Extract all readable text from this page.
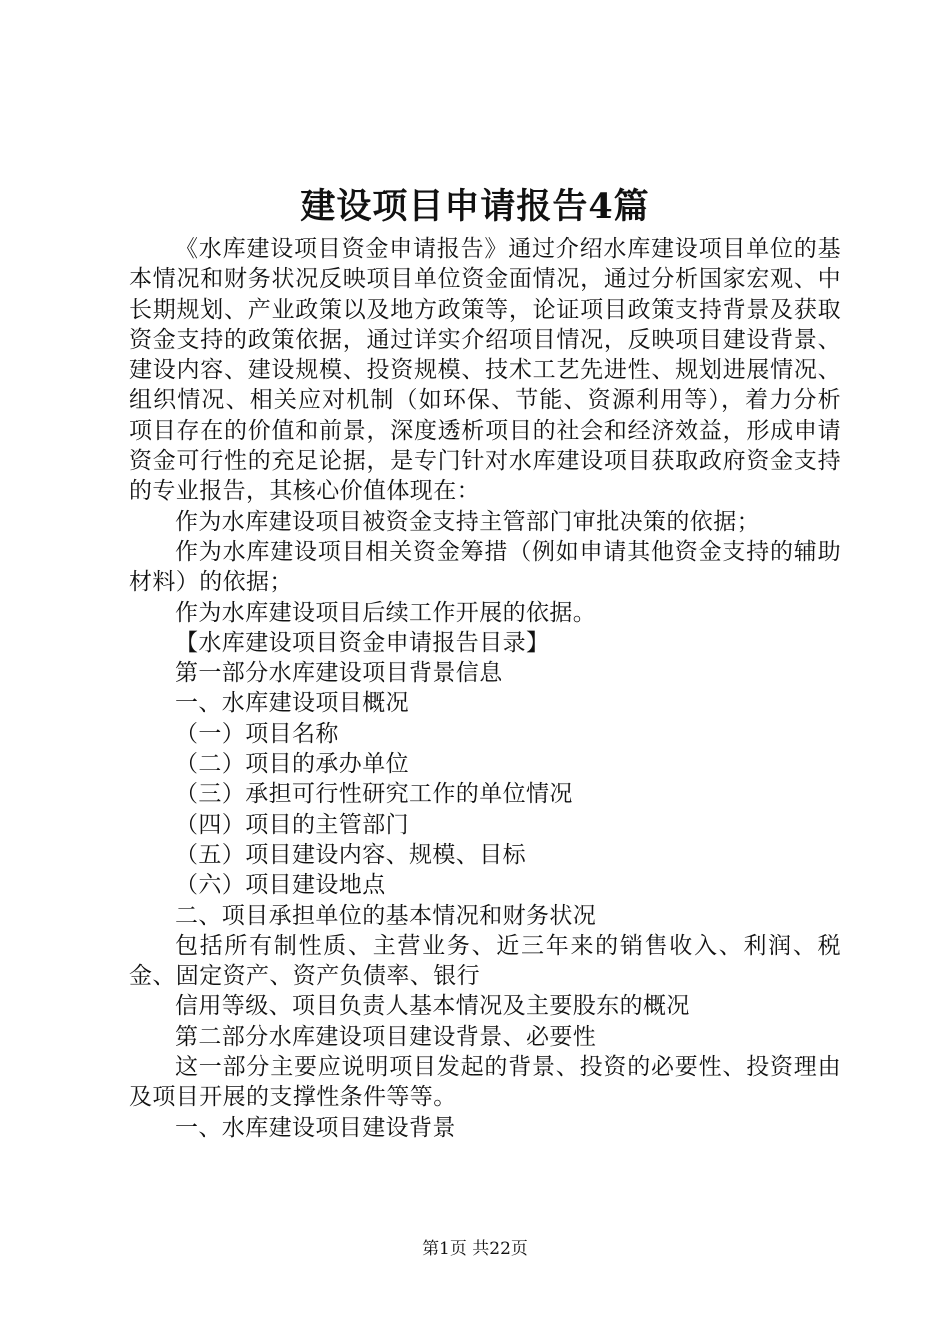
建设项目申请报告4篇

《水库建设项目资金申请报告》通过介绍水库建设项目单位的基本情况和财务状况反映项目单位资金面情况，通过分析国家宏观、中长期规划、产业政策以及地方政策等，论证项目政策支持背景及获取资金支持的政策依据，通过详实介绍项目情况，反映项目建设背景、建设内容、建设规模、投资规模、技术工艺先进性、规划进展情况、组织情况、相关应对机制（如环保、节能、资源利用等），着力分析项目存在的价值和前景，深度透析项目的社会和经济效益，形成申请资金可行性的充足论据，是专门针对水库建设项目获取政府资金支持的专业报告，其核心价值体现在：

作为水库建设项目被资金支持主管部门审批决策的依据；

作为水库建设项目相关资金筹措（例如申请其他资金支持的辅助材料）的依据；

作为水库建设项目后续工作开展的依据。

【水库建设项目资金申请报告目录】

第一部分水库建设项目背景信息

一、水库建设项目概况

（一）项目名称

（二）项目的承办单位

（三）承担可行性研究工作的单位情况

（四）项目的主管部门

（五）项目建设内容、规模、目标

（六）项目建设地点

二、项目承担单位的基本情况和财务状况

包括所有制性质、主营业务、近三年来的销售收入、利润、税金、固定资产、资产负债率、银行

信用等级、项目负责人基本情况及主要股东的概况

第二部分水库建设项目建设背景、必要性

这一部分主要应说明项目发起的背景、投资的必要性、投资理由及项目开展的支撑性条件等等。

一、水库建设项目建设背景

第1页 共22页
